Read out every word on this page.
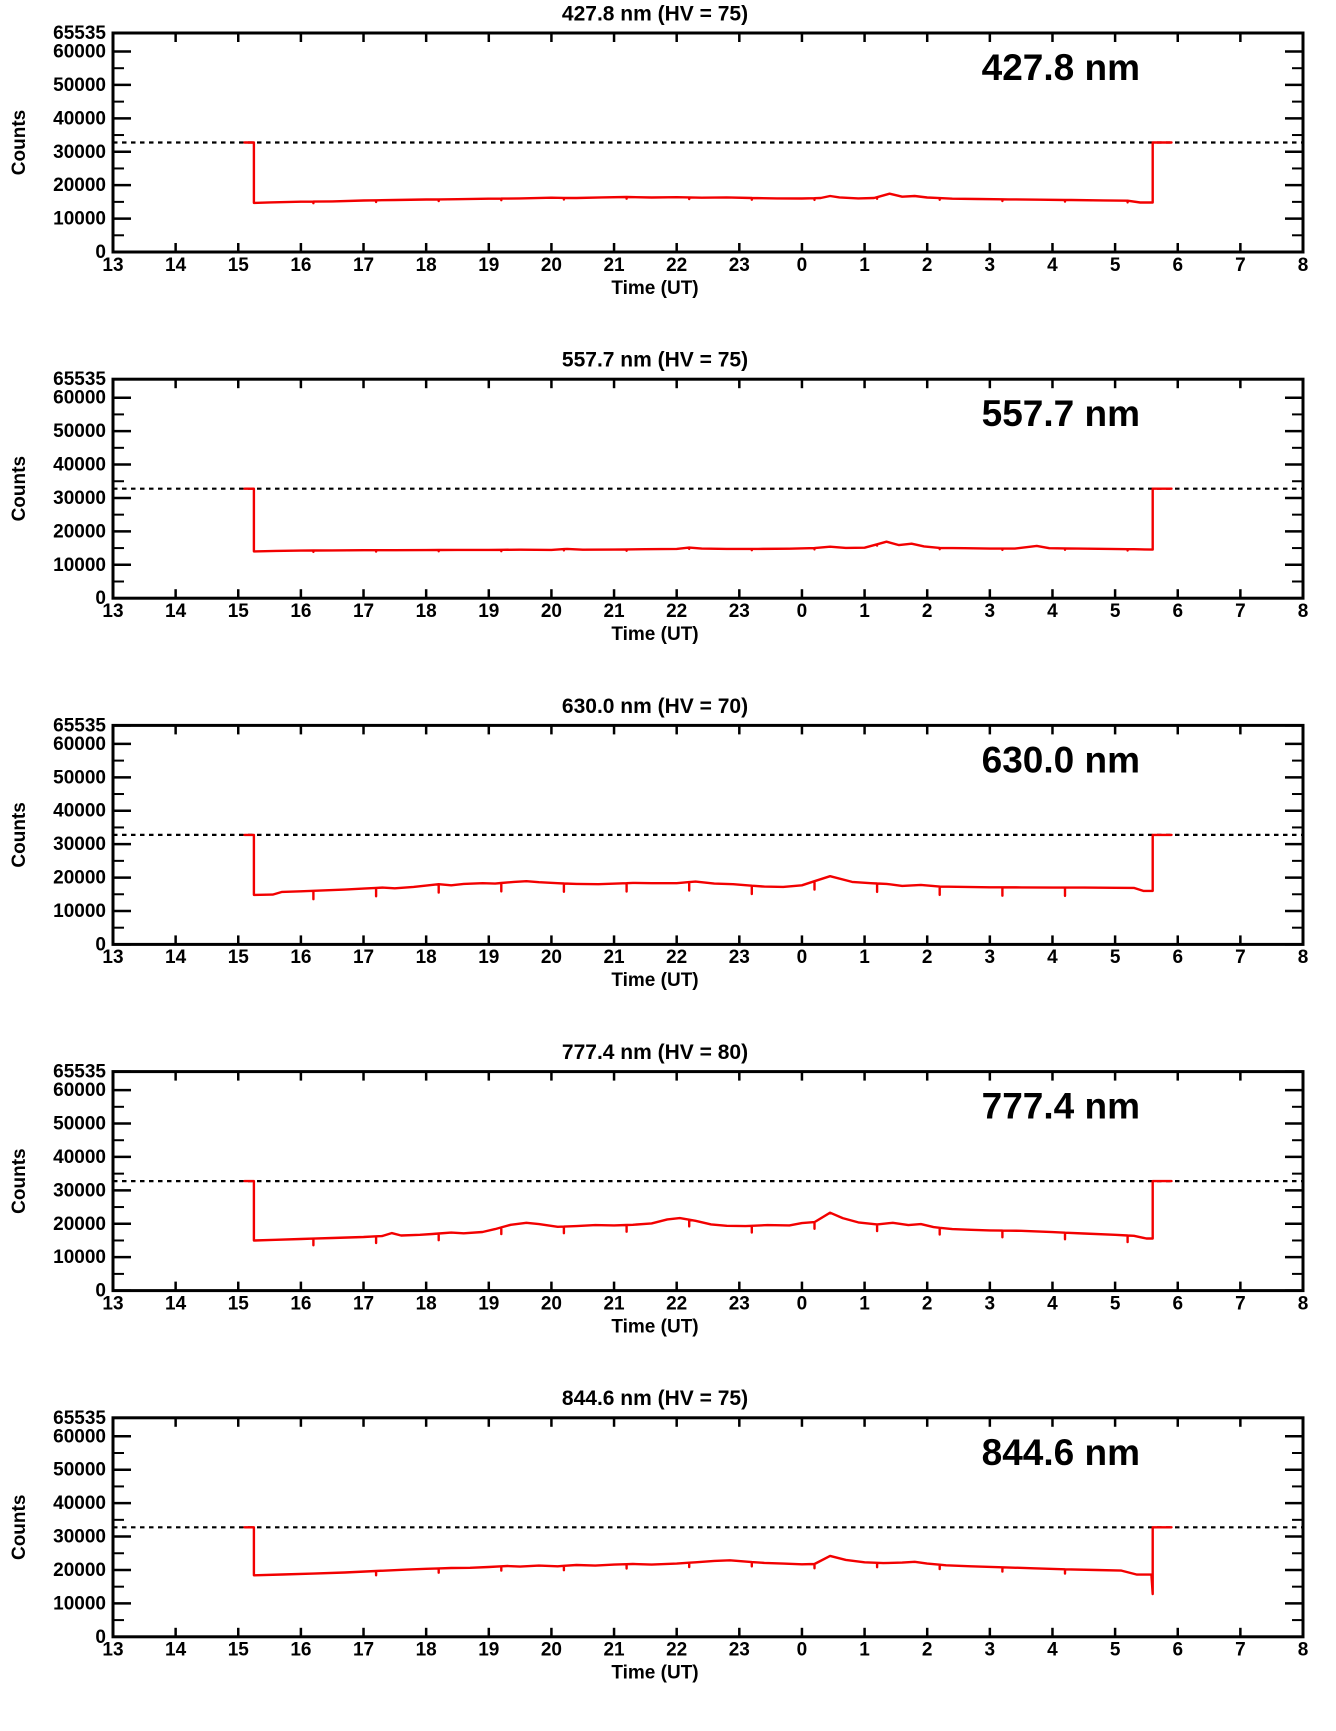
427.8 nm (HV = 75)
13 14 15 16 17 18 19 20 21 22 23 0	1	2	3	4	5	6	7	8
0
10000
20000
30000
40000
50000
60000
65535
Counts
Time (UT)
427.8 nm
557.7 nm (HV = 75)
13 14 15 16 17 18 19 20 21 22 23 0	1	2	3	4	5	6	7	8
0
10000
20000
30000
40000
50000
60000
65535
Counts
Time (UT)
557.7 nm
630.0 nm (HV = 70)
13 14 15 16 17 18 19 20 21 22 23 0	1	2	3	4	5	6	7	8
0
10000
20000
30000
40000
50000
60000
65535
Counts
Time (UT)
630.0 nm
777.4 nm (HV = 80)
13 14 15 16 17 18 19 20 21 22 23 0	1	2	3	4	5	6	7	8
0
10000
20000
30000
40000
50000
60000
65535
Counts
Time (UT)
777.4 nm
844.6 nm (HV = 75)
13 14 15 16 17 18 19 20 21 22 23 0	1	2	3	4	5	6	7	8
0
10000
20000
30000
40000
50000
60000
65535
Counts
Time (UT)
844.6 nm
